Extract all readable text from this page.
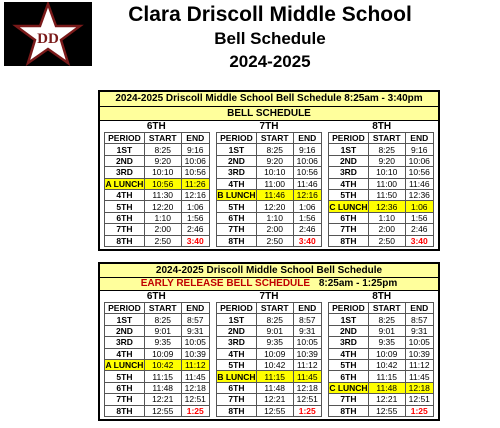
DD
Clara Driscoll Middle School
Bell Schedule
2024-2025
2024-2025 Driscoll Middle School Bell Schedule 8:25am - 3:40pm
BELL SCHEDULE
6TH	7TH	8TH
PERIOD	START	END
1ST	8:25	9:16
2ND	9:20	10:06
3RD	10:10	10:56
A LUNCH	10:56	11:26
4TH	11:30	12:16
5TH	12:20	1:06
6TH	1:10	1:56
7TH	2:00	2:46
8TH	2:50	3:40
PERIOD	START	END
1ST	8:25	9:16
2ND	9:20	10:06
3RD	10:10	10:56
4TH	11:00	11:46
B LUNCH	11:46	12:16
5TH	12:20	1:06
6TH	1:10	1:56
7TH	2:00	2:46
8TH	2:50	3:40
PERIOD	START	END
1ST	8:25	9:16
2ND	9:20	10:06
3RD	10:10	10:56
4TH	11:00	11:46
5TH	11:50	12:36
C LUNCH	12:36	1:06
6TH	1:10	1:56
7TH	2:00	2:46
8TH	2:50	3:40
2024-2025 Driscoll Middle School Bell Schedule
EARLY RELEASE BELL SCHEDULE 8:25am - 1:25pm
6TH	7TH	8TH
PERIOD	START	END
1ST	8:25	8:57
2ND	9:01	9:31
3RD	9:35	10:05
4TH	10:09	10:39
A LUNCH	10:42	11:12
5TH	11:15	11:45
6TH	11:48	12:18
7TH	12:21	12:51
8TH	12:55	1:25
PERIOD	START	END
1ST	8:25	8:57
2ND	9:01	9:31
3RD	9:35	10:05
4TH	10:09	10:39
5TH	10:42	11:12
B LUNCH	11:15	11:45
6TH	11:48	12:18
7TH	12:21	12:51
8TH	12:55	1:25
PERIOD	START	END
1ST	8:25	8:57
2ND	9:01	9:31
3RD	9:35	10:05
4TH	10:09	10:39
5TH	10:42	11:12
6TH	11:15	11:45
C LUNCH	11:48	12:18
7TH	12:21	12:51
8TH	12:55	1:25
